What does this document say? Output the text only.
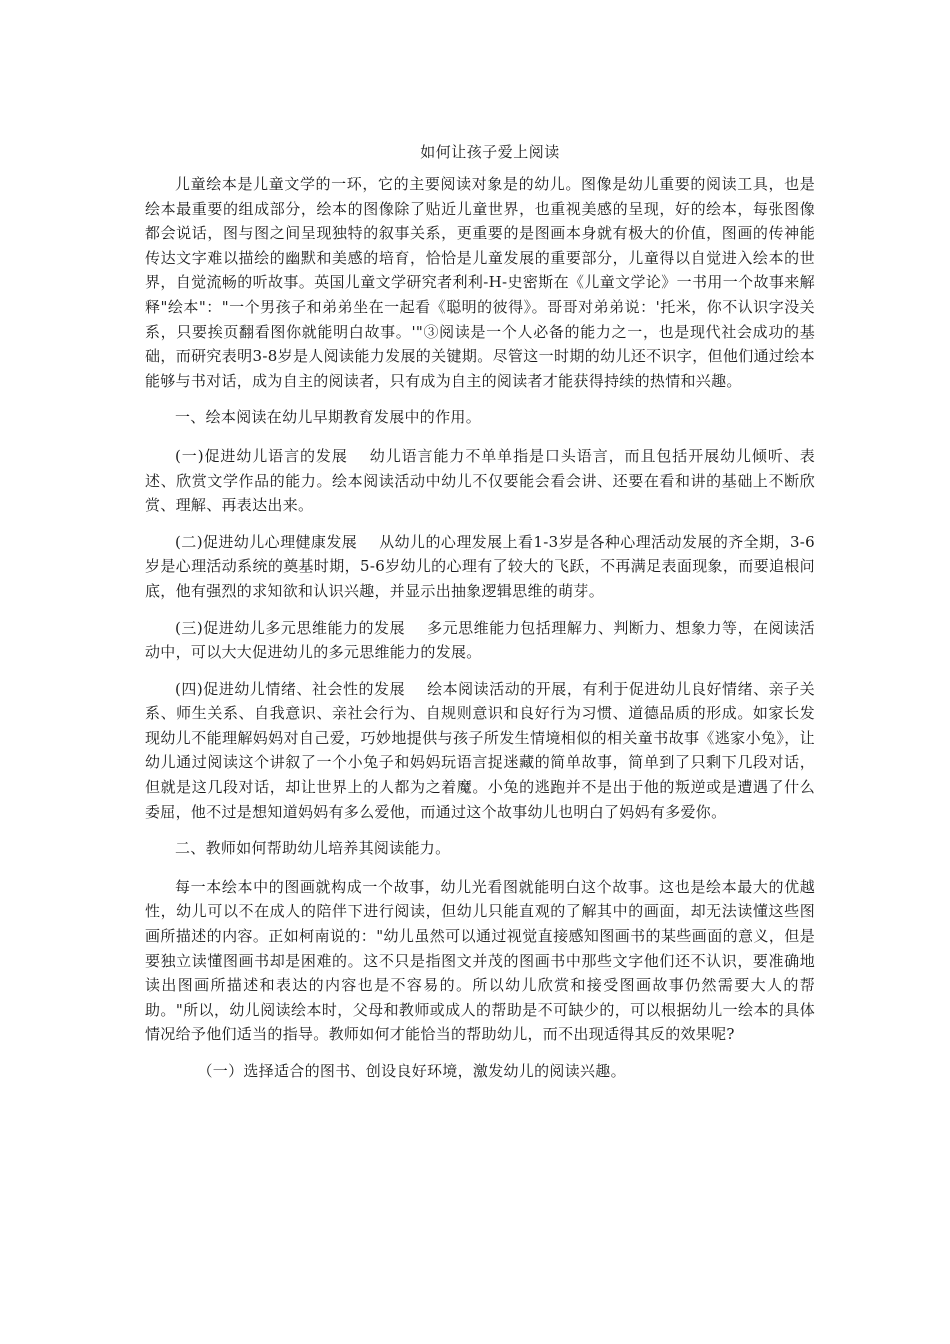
如何让孩子爱上阅读

儿童绘本是儿童文学的一环，它的主要阅读对象是的幼儿。图像是幼儿重要的阅读工具，也是绘本最重要的组成部分，绘本的图像除了贴近儿童世界，也重视美感的呈现，好的绘本，每张图像都会说话，图与图之间呈现独特的叙事关系，更重要的是图画本身就有极大的价值，图画的传神能传达文字难以描绘的幽默和美感的培育，恰恰是儿童发展的重要部分，儿童得以自觉进入绘本的世界，自觉流畅的听故事。英国儿童文学研究者利利-H-史密斯在《儿童文学论》一书用一个故事来解释"绘本"："一个男孩子和弟弟坐在一起看《聪明的彼得》。哥哥对弟弟说：'托米，你不认识字没关系，只要挨页翻看图你就能明白故事。'"③阅读是一个人必备的能力之一，也是现代社会成功的基础，而研究表明3-8岁是人阅读能力发展的关键期。尽管这一时期的幼儿还不识字，但他们通过绘本能够与书对话，成为自主的阅读者，只有成为自主的阅读者才能获得持续的热情和兴趣。

一、绘本阅读在幼儿早期教育发展中的作用。

(一)促进幼儿语言的发展 幼儿语言能力不单单指是口头语言，而且包括开展幼儿倾听、表述、欣赏文学作品的能力。绘本阅读活动中幼儿不仅要能会看会讲、还要在看和讲的基础上不断欣赏、理解、再表达出来。

(二)促进幼儿心理健康发展 从幼儿的心理发展上看1-3岁是各种心理活动发展的齐全期，3-6岁是心理活动系统的奠基时期，5-6岁幼儿的心理有了较大的飞跃，不再满足表面现象，而要追根问底，他有强烈的求知欲和认识兴趣，并显示出抽象逻辑思维的萌芽。

(三)促进幼儿多元思维能力的发展 多元思维能力包括理解力、判断力、想象力等，在阅读活动中，可以大大促进幼儿的多元思维能力的发展。

(四)促进幼儿情绪、社会性的发展 绘本阅读活动的开展，有利于促进幼儿良好情绪、亲子关系、师生关系、自我意识、亲社会行为、自规则意识和良好行为习惯、道德品质的形成。如家长发现幼儿不能理解妈妈对自己爱，巧妙地提供与孩子所发生情境相似的相关童书故事《逃家小兔》，让幼儿通过阅读这个讲叙了一个小兔子和妈妈玩语言捉迷藏的简单故事，简单到了只剩下几段对话，但就是这几段对话，却让世界上的人都为之着魔。小兔的逃跑并不是出于他的叛逆或是遭遇了什么委屈，他不过是想知道妈妈有多么爱他，而通过这个故事幼儿也明白了妈妈有多爱你。

二、教师如何帮助幼儿培养其阅读能力。

每一本绘本中的图画就构成一个故事，幼儿光看图就能明白这个故事。这也是绘本最大的优越性，幼儿可以不在成人的陪伴下进行阅读，但幼儿只能直观的了解其中的画面，却无法读懂这些图画所描述的内容。正如柯南说的："幼儿虽然可以通过视觉直接感知图画书的某些画面的意义，但是要独立读懂图画书却是困难的。这不只是指图文并茂的图画书中那些文字他们还不认识，要准确地读出图画所描述和表达的内容也是不容易的。所以幼儿欣赏和接受图画故事仍然需要大人的帮助。"所以，幼儿阅读绘本时，父母和教师或成人的帮助是不可缺少的，可以根据幼儿一绘本的具体情况给予他们适当的指导。教师如何才能恰当的帮助幼儿，而不出现适得其反的效果呢?

（一）选择适合的图书、创设良好环境，激发幼儿的阅读兴趣。
